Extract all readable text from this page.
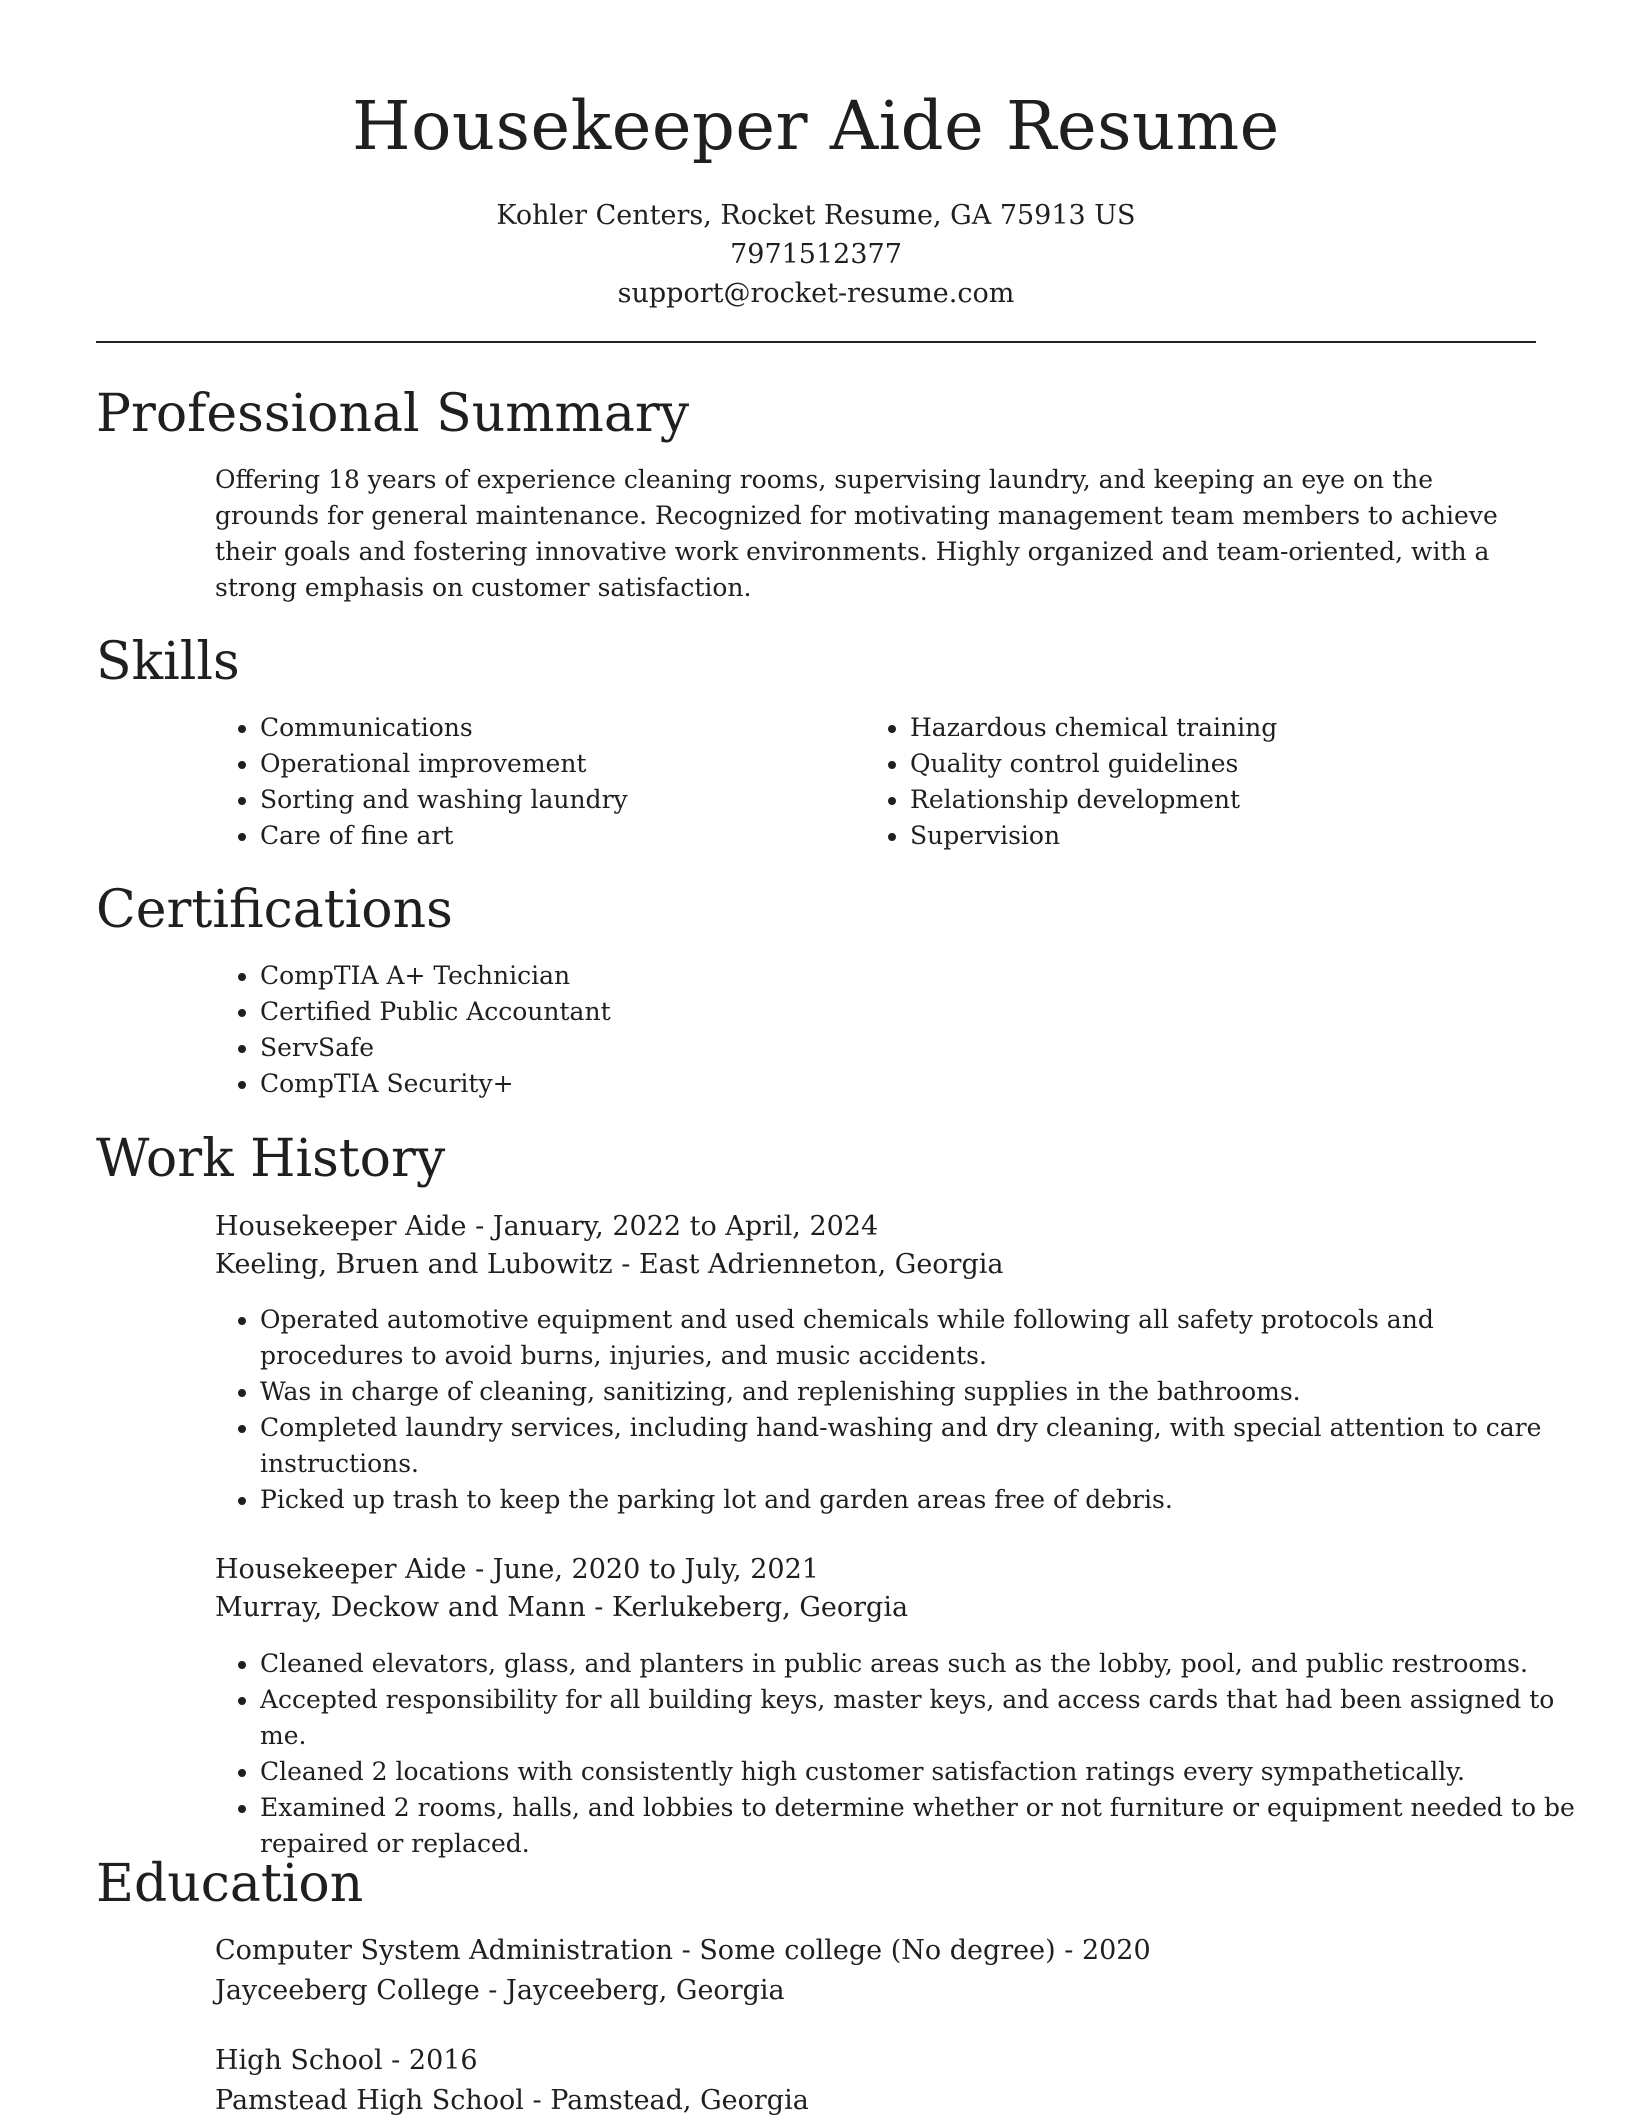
Housekeeper Aide Resume
Kohler Centers, Rocket Resume, GA 75913 US
7971512377
support@rocket-resume.com
Professional Summary

Offering 18 years of experience cleaning rooms, supervising laundry, and keeping an eye on the grounds for general maintenance. Recognized for motivating management team members to achieve their goals and fostering innovative work environments. Highly organized and team-oriented, with a strong emphasis on customer satisfaction.

Skills
• Communications
• Operational improvement
• Sorting and washing laundry
• Care of fine art
• Hazardous chemical training
• Quality control guidelines
• Relationship development
• Supervision
Certifications
• CompTIA A+ Technician
• Certified Public Accountant
• ServSafe
• CompTIA Security+
Work History
Housekeeper Aide - January, 2022 to April, 2024
Keeling, Bruen and Lubowitz - East Adrienneton, Georgia
• Operated automotive equipment and used chemicals while following all safety protocols and procedures to avoid burns, injuries, and music accidents.
• Was in charge of cleaning, sanitizing, and replenishing supplies in the bathrooms.
• Completed laundry services, including hand-washing and dry cleaning, with special attention to care instructions.
• Picked up trash to keep the parking lot and garden areas free of debris.
Housekeeper Aide - June, 2020 to July, 2021
Murray, Deckow and Mann - Kerlukeberg, Georgia
• Cleaned elevators, glass, and planters in public areas such as the lobby, pool, and public restrooms.
• Accepted responsibility for all building keys, master keys, and access cards that had been assigned to me.
• Cleaned 2 locations with consistently high customer satisfaction ratings every sympathetically.
• Examined 2 rooms, halls, and lobbies to determine whether or not furniture or equipment needed to be repaired or replaced.
Education
Computer System Administration - Some college (No degree) - 2020
Jayceeberg College - Jayceeberg, Georgia
High School - 2016
Pamstead High School - Pamstead, Georgia
